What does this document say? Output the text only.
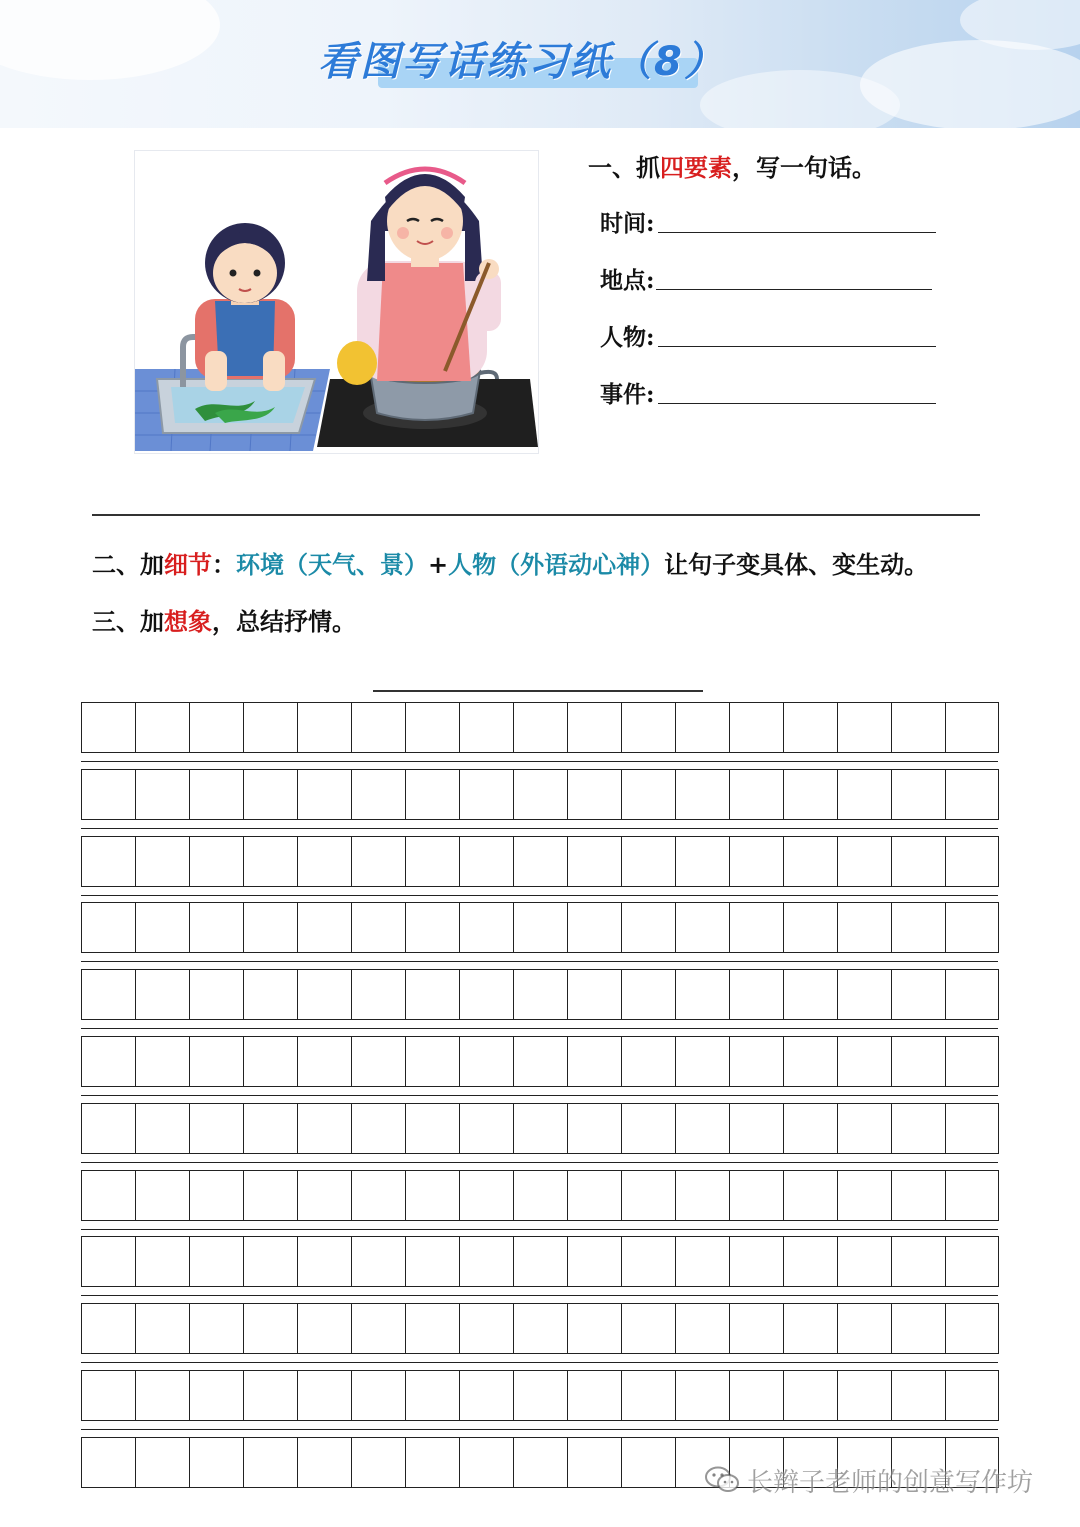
看图写话练习纸（8）
一、抓四要素，写一句话。
时间:
地点:
人物:
事件:
二、加细节：环境（天气、景）+人物（外语动心神）让句子变具体、变生动。
三、加想象，总结抒情。
长辫子老师的创意写作坊
